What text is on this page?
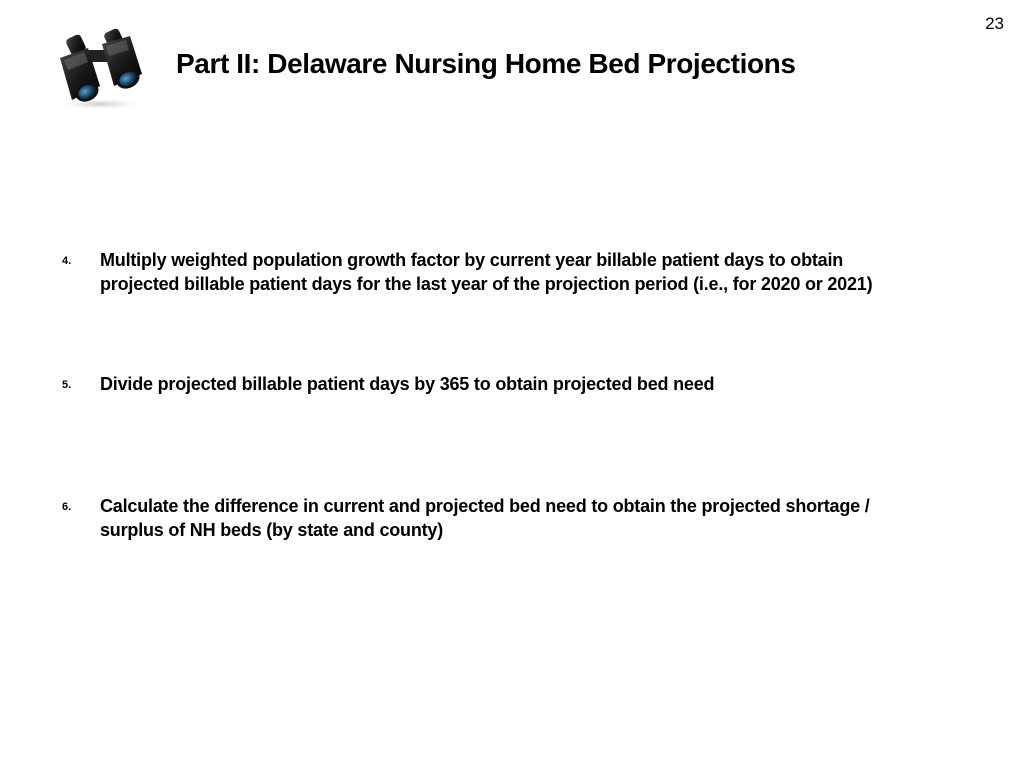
23
Part II: Delaware Nursing Home Bed Projections
4.	Multiply weighted population growth factor by current year billable patient days to obtain projected billable patient days for the last year of the projection period (i.e., for 2020 or 2021)
5.	Divide projected billable patient days by 365 to obtain projected bed need
6.	Calculate the difference in current and projected bed need to obtain the projected shortage / surplus of NH beds (by state and county)
